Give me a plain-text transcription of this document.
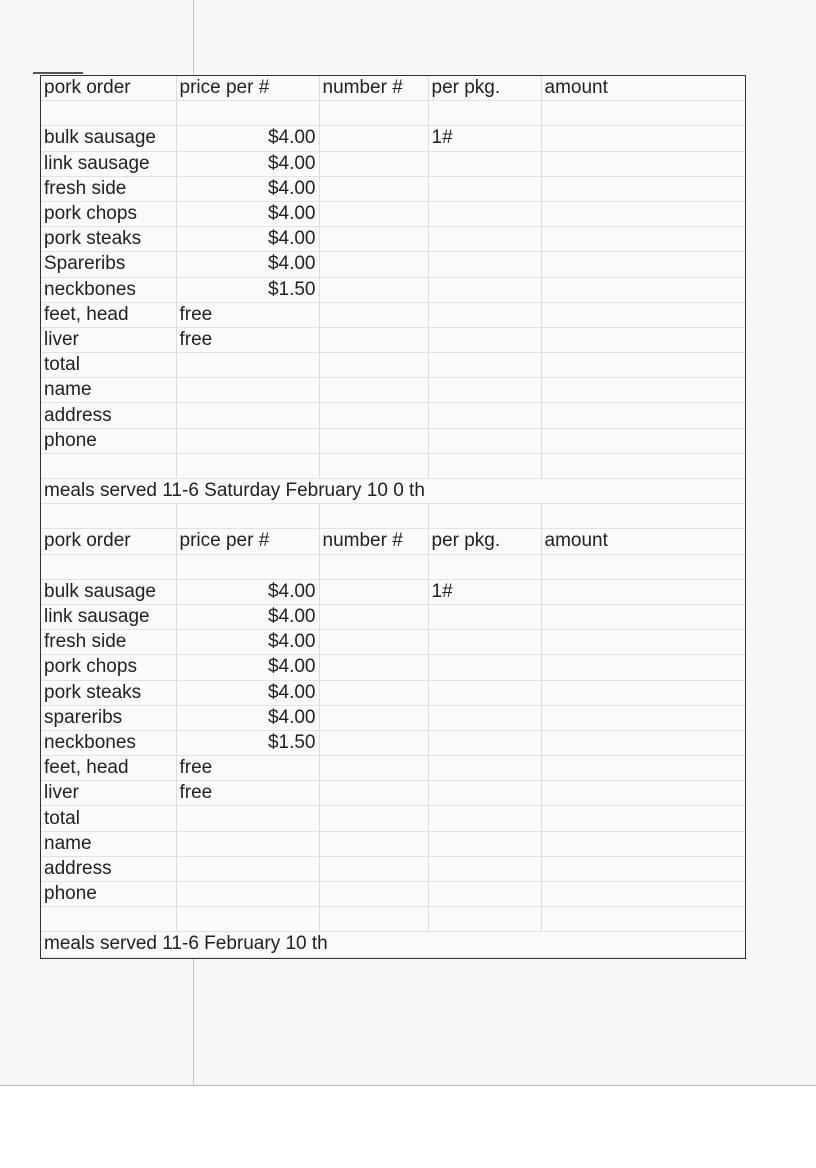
pork order	price per #	number #	per pkg.	amount

bulk sausage	$4.00		1#	
link sausage	$4.00			
fresh side	$4.00			
pork chops	$4.00			
pork steaks	$4.00			
Spareribs	$4.00			
neckbones	$1.50			
feet, head	free			
liver	free			
total				
name				
address				
phone				

meals served 11-6 Saturday February 10 0 th				

pork order	price per #	number #	per pkg.	amount

bulk sausage	$4.00		1#	
link sausage	$4.00			
fresh side	$4.00			
pork chops	$4.00			
pork steaks	$4.00			
spareribs	$4.00			
neckbones	$1.50			
feet, head	free			
liver	free			
total				
name				
address				
phone				

meals served 11-6 February 10 th				
